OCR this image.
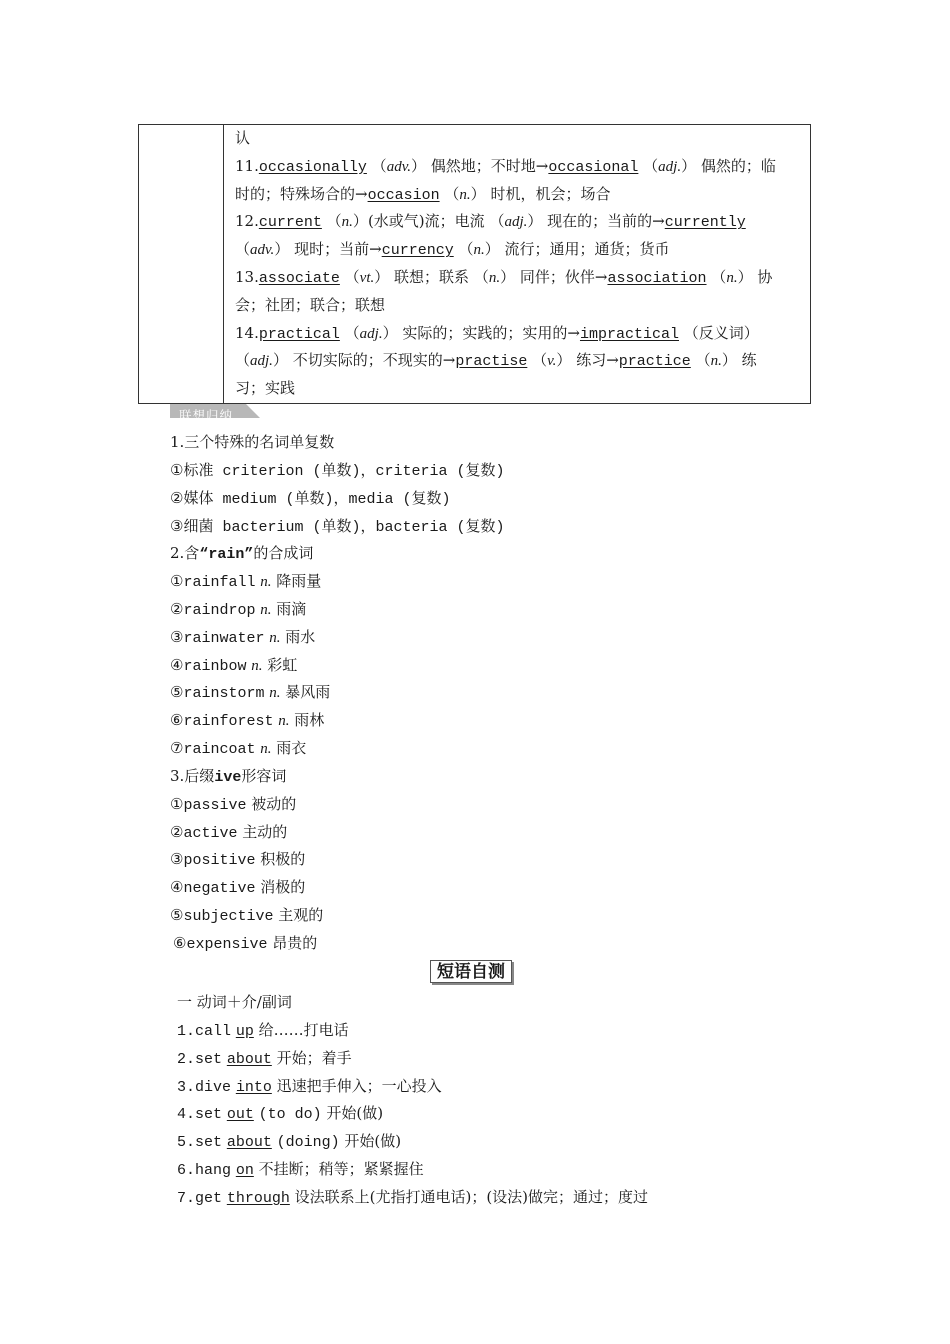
认
11.occasionally （adv.） 偶然地；不时地→occasional （adj.） 偶然的；临
时的；特殊场合的→occasion （n.） 时机，机会；场合
12.current （n.）(水或气)流；电流 （adj.） 现在的；当前的→currently
（adv.） 现时；当前→currency （n.） 流行；通用；通货；货币
13.associate （vt.） 联想；联系 （n.） 同伴；伙伴→association （n.） 协
会；社团；联合；联想
14.practical （adj.） 实际的；实践的；实用的→impractical （反义词）
（adj.） 不切实际的；不现实的→practise （v.） 练习→practice （n.） 练
习；实践
联想归纳
1.三个特殊的名词单复数
①标准 criterion (单数)，criteria (复数)
②媒体 medium (单数)，media (复数)
③细菌 bacterium (单数)，bacteria (复数)
2.含“rain”的合成词
①rainfall n. 降雨量
②raindrop n. 雨滴
③rainwater n. 雨水
④rainbow n. 彩虹
⑤rainstorm n. 暴风雨
⑥rainforest n. 雨林
⑦raincoat n. 雨衣
3.后缀ive形容词
①passive 被动的
②active 主动的
③positive 积极的
④negative 消极的
⑤subjective 主观的
⑥expensive 昂贵的
短语自测
一 动词＋介/副词
1.call up 给……打电话
2.set about 开始；着手
3.dive into 迅速把手伸入；一心投入
4.set out (to do) 开始(做)
5.set about (doing) 开始(做)
6.hang on 不挂断；稍等；紧紧握住
7.get through 设法联系上(尤指打通电话)；(设法)做完；通过；度过
